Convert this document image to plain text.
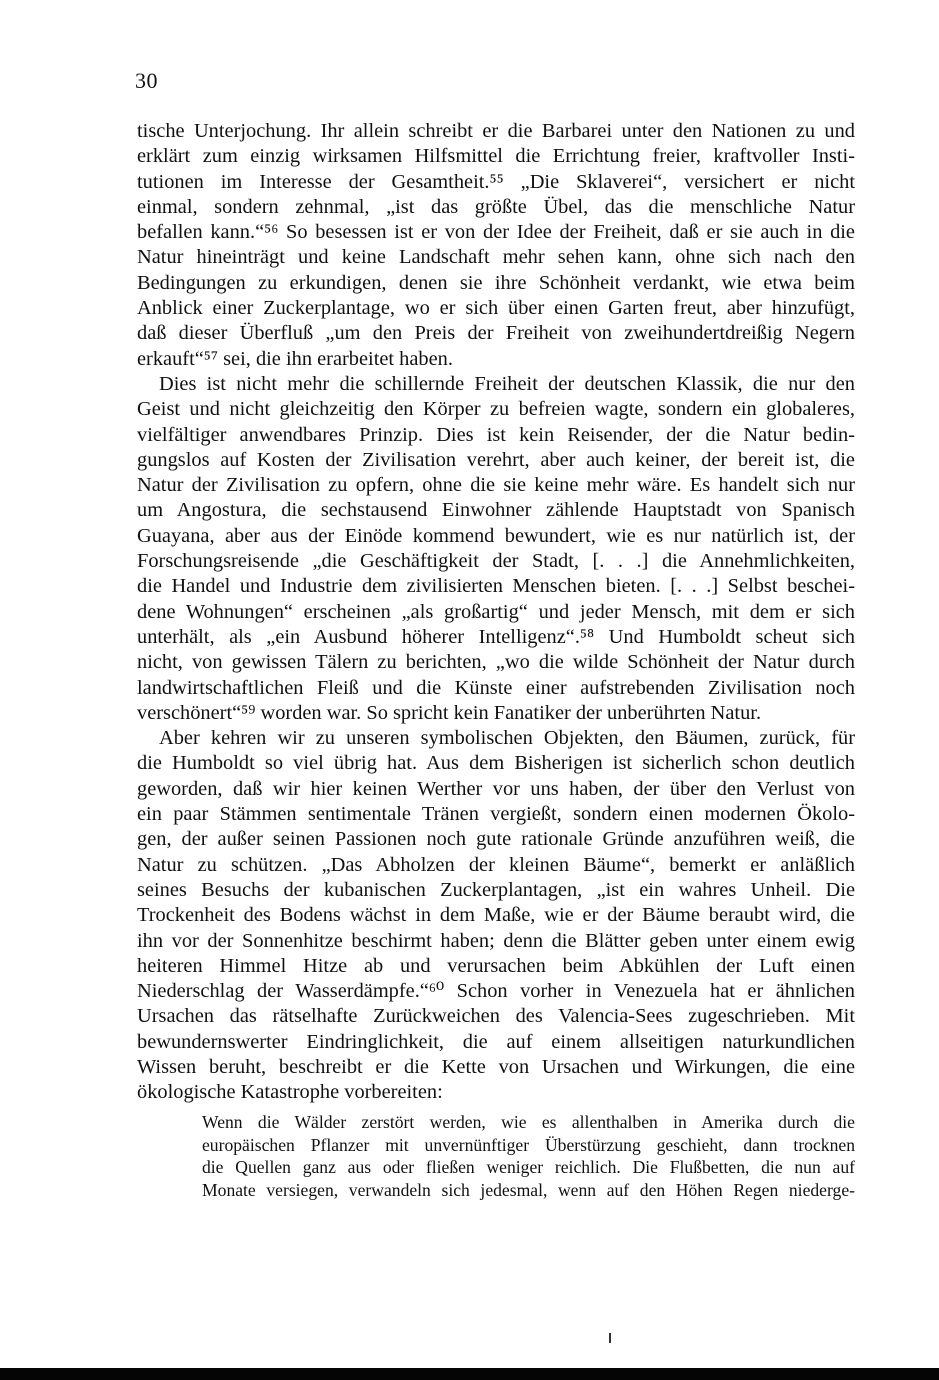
30
tische Unterjochung. Ihr allein schreibt er die Barbarei unter den Nationen zu und
erklärt zum einzig wirksamen Hilfsmittel die Errichtung freier, kraftvoller Insti-
tutionen im Interesse der Gesamtheit.⁵⁵ „Die Sklaverei“, versichert er nicht
einmal, sondern zehnmal, „ist das größte Übel, das die menschliche Natur
befallen kann.“⁵⁶ So besessen ist er von der Idee der Freiheit, daß er sie auch in die
Natur hineinträgt und keine Landschaft mehr sehen kann, ohne sich nach den
Bedingungen zu erkundigen, denen sie ihre Schönheit verdankt, wie etwa beim
Anblick einer Zuckerplantage, wo er sich über einen Garten freut, aber hinzufügt,
daß dieser Überfluß „um den Preis der Freiheit von zweihundertdreißig Negern
erkauft“⁵⁷ sei, die ihn erarbeitet haben.
Dies ist nicht mehr die schillernde Freiheit der deutschen Klassik, die nur den
Geist und nicht gleichzeitig den Körper zu befreien wagte, sondern ein globaleres,
vielfältiger anwendbares Prinzip. Dies ist kein Reisender, der die Natur bedin-
gungslos auf Kosten der Zivilisation verehrt, aber auch keiner, der bereit ist, die
Natur der Zivilisation zu opfern, ohne die sie keine mehr wäre. Es handelt sich nur
um Angostura, die sechstausend Einwohner zählende Hauptstadt von Spanisch
Guayana, aber aus der Einöde kommend bewundert, wie es nur natürlich ist, der
Forschungsreisende „die Geschäftigkeit der Stadt, [. . .] die Annehmlichkeiten,
die Handel und Industrie dem zivilisierten Menschen bieten. [. . .] Selbst beschei-
dene Wohnungen“ erscheinen „als großartig“ und jeder Mensch, mit dem er sich
unterhält, als „ein Ausbund höherer Intelligenz“.⁵⁸ Und Humboldt scheut sich
nicht, von gewissen Tälern zu berichten, „wo die wilde Schönheit der Natur durch
landwirtschaftlichen Fleiß und die Künste einer aufstrebenden Zivilisation noch
verschönert“⁵⁹ worden war. So spricht kein Fanatiker der unberührten Natur.
Aber kehren wir zu unseren symbolischen Objekten, den Bäumen, zurück, für
die Humboldt so viel übrig hat. Aus dem Bisherigen ist sicherlich schon deutlich
geworden, daß wir hier keinen Werther vor uns haben, der über den Verlust von
ein paar Stämmen sentimentale Tränen vergießt, sondern einen modernen Ökolo-
gen, der außer seinen Passionen noch gute rationale Gründe anzuführen weiß, die
Natur zu schützen. „Das Abholzen der kleinen Bäume“, bemerkt er anläßlich
seines Besuchs der kubanischen Zuckerplantagen, „ist ein wahres Unheil. Die
Trockenheit des Bodens wächst in dem Maße, wie er der Bäume beraubt wird, die
ihn vor der Sonnenhitze beschirmt haben; denn die Blätter geben unter einem ewig
heiteren Himmel Hitze ab und verursachen beim Abkühlen der Luft einen
Niederschlag der Wasserdämpfe.“⁶⁰ Schon vorher in Venezuela hat er ähnlichen
Ursachen das rätselhafte Zurückweichen des Valencia-Sees zugeschrieben. Mit
bewundernswerter Eindringlichkeit, die auf einem allseitigen naturkundlichen
Wissen beruht, beschreibt er die Kette von Ursachen und Wirkungen, die eine
ökologische Katastrophe vorbereiten:
Wenn die Wälder zerstört werden, wie es allenthalben in Amerika durch die
europäischen Pflanzer mit unvernünftiger Überstürzung geschieht, dann trocknen
die Quellen ganz aus oder fließen weniger reichlich. Die Flußbetten, die nun auf
Monate versiegen, verwandeln sich jedesmal, wenn auf den Höhen Regen niederge-
